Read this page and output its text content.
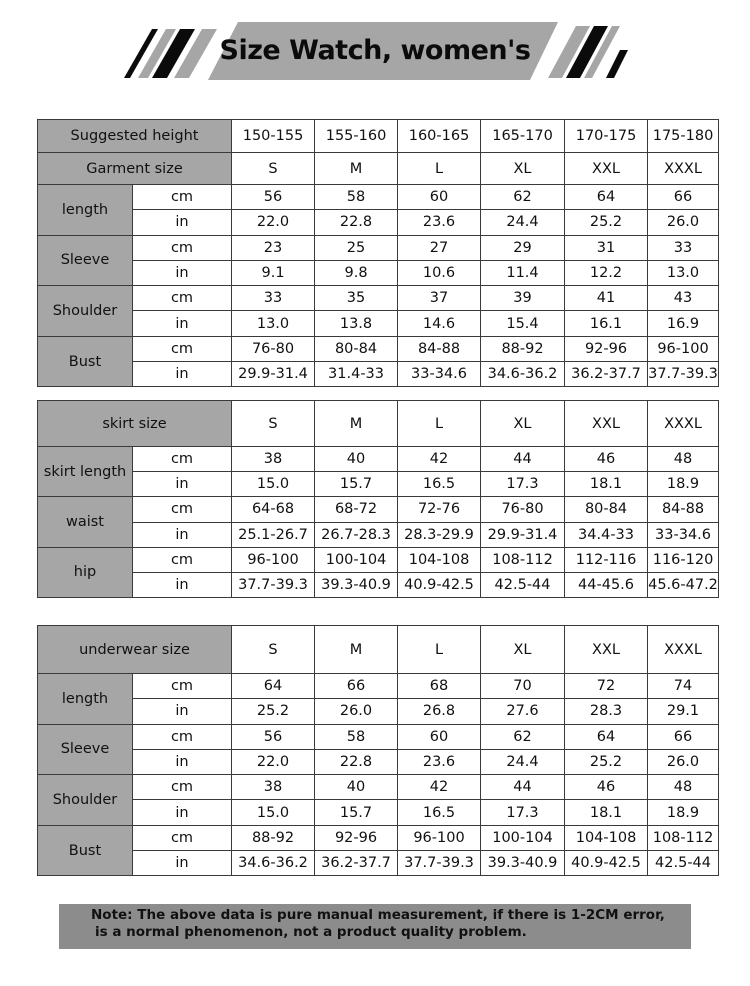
Size Watch, women's
Suggested height		150-155	155-160	160-165	165-170	170-175	175-180
Garment size		S	M	L	XL	XXL	XXXL
length	cm	56	58	60	62	64	66
	in	22.0	22.8	23.6	24.4	25.2	26.0
Sleeve	cm	23	25	27	29	31	33
	in	9.1	9.8	10.6	11.4	12.2	13.0
Shoulder	cm	33	35	37	39	41	43
	in	13.0	13.8	14.6	15.4	16.1	16.9
Bust	cm	76-80	80-84	84-88	88-92	92-96	96-100
	in	29.9-31.4	31.4-33	33-34.6	34.6-36.2	36.2-37.7	37.7-39.3
skirt size		S	M	L	XL	XXL	XXXL
skirt length	cm	38	40	42	44	46	48
	in	15.0	15.7	16.5	17.3	18.1	18.9
waist	cm	64-68	68-72	72-76	76-80	80-84	84-88
	in	25.1-26.7	26.7-28.3	28.3-29.9	29.9-31.4	34.4-33	33-34.6
hip	cm	96-100	100-104	104-108	108-112	112-116	116-120
	in	37.7-39.3	39.3-40.9	40.9-42.5	42.5-44	44-45.6	45.6-47.2
underwear size		S	M	L	XL	XXL	XXXL
length	cm	64	66	68	70	72	74
	in	25.2	26.0	26.8	27.6	28.3	29.1
Sleeve	cm	56	58	60	62	64	66
	in	22.0	22.8	23.6	24.4	25.2	26.0
Shoulder	cm	38	40	42	44	46	48
	in	15.0	15.7	16.5	17.3	18.1	18.9
Bust	cm	88-92	92-96	96-100	100-104	104-108	108-112
	in	34.6-36.2	36.2-37.7	37.7-39.3	39.3-40.9	40.9-42.5	42.5-44
Note: The above data is pure manual measurement, if there is 1-2CM error,
is a normal phenomenon, not a product quality problem.
